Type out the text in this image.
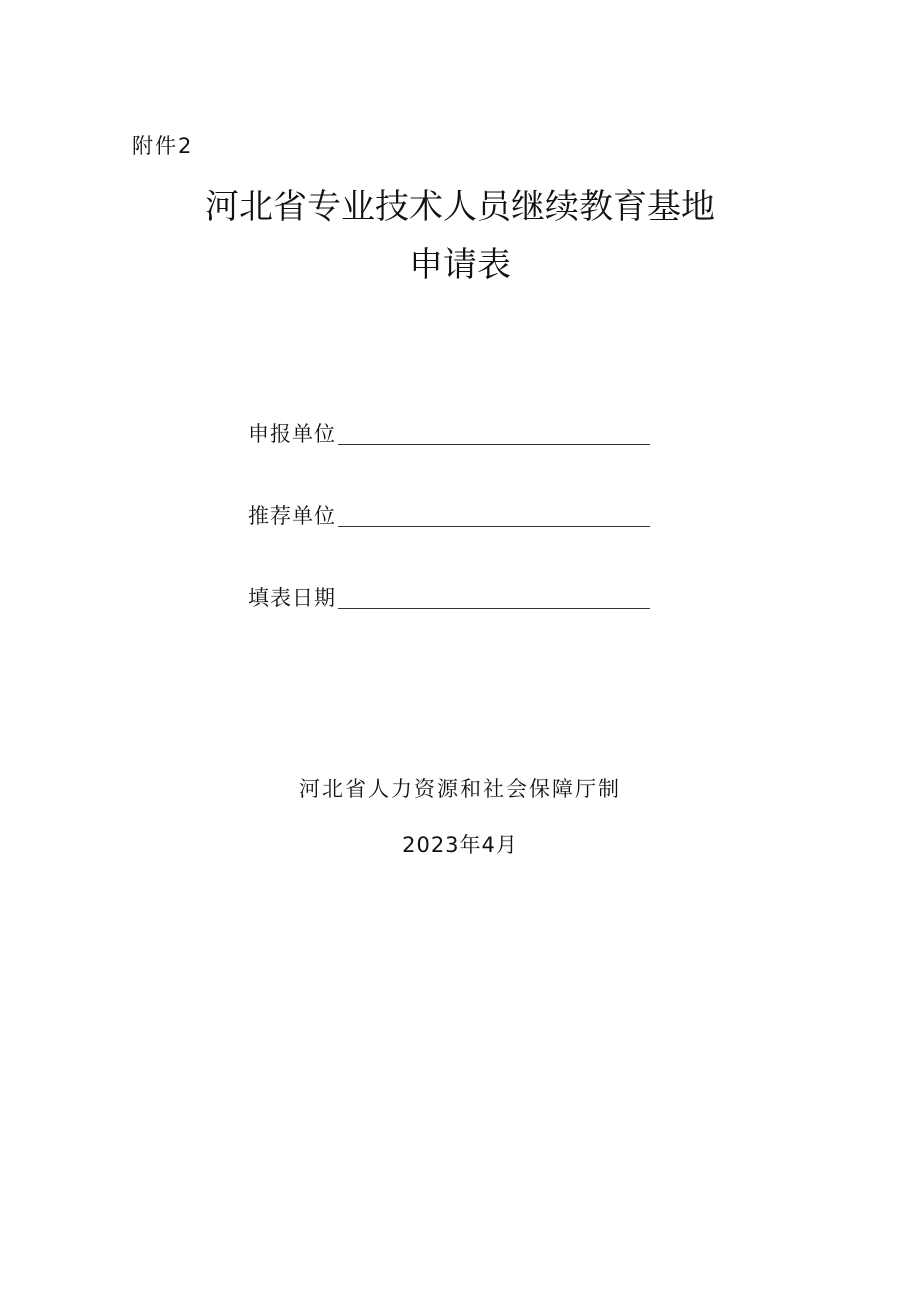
附件2
河北省专业技术人员继续教育基地
申请表
申报单位
推荐单位
填表日期
河北省人力资源和社会保障厅制
2023年4月
